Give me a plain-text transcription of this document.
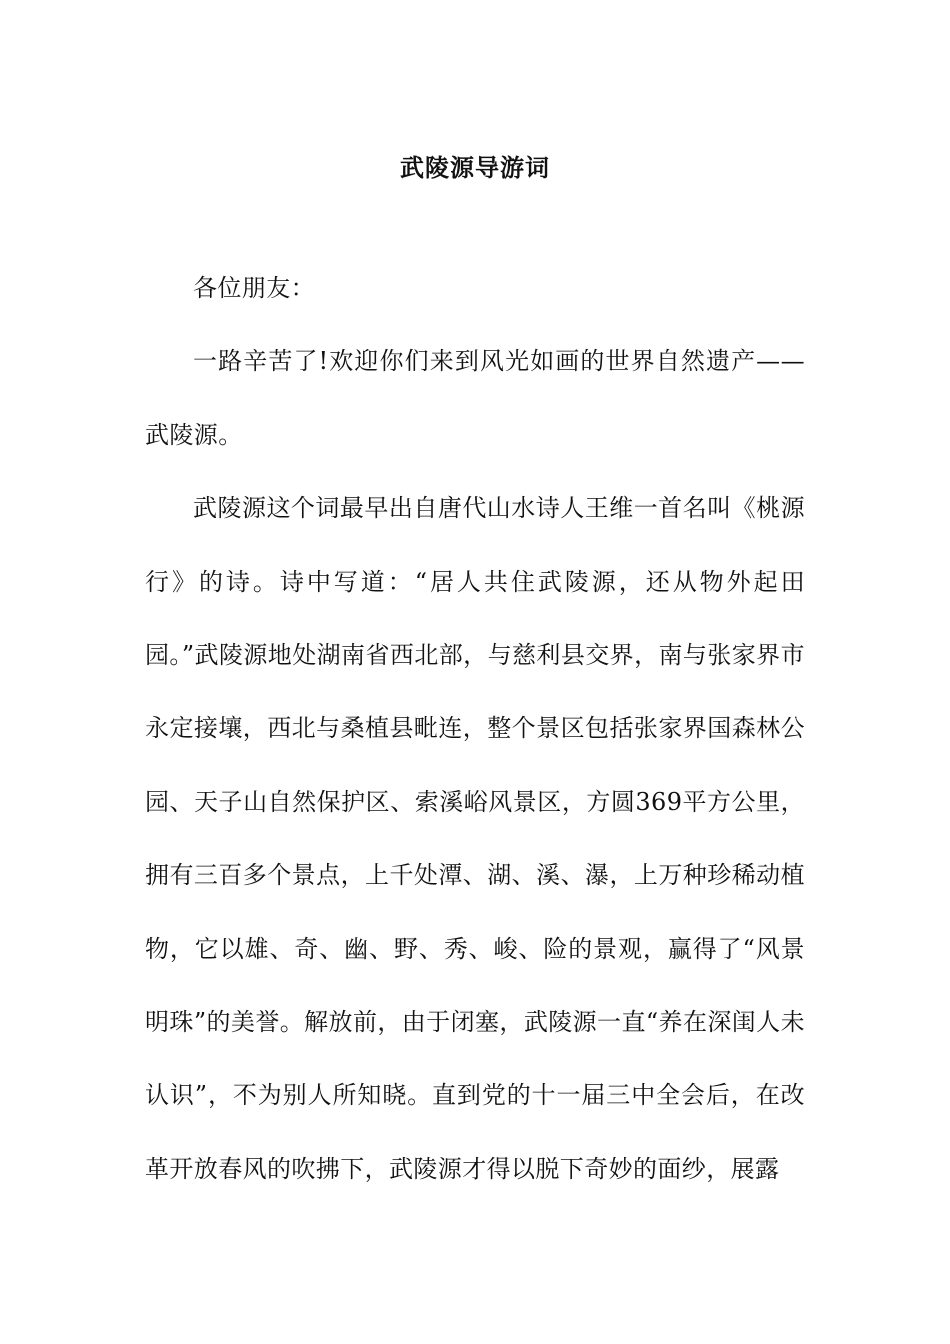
武陵源导游词

各位朋友：

一路辛苦了!欢迎你们来到风光如画的世界自然遗产——武陵源。

武陵源这个词最早出自唐代山水诗人王维一首名叫《桃源行》的诗。诗中写道：“居人共住武陵源，还从物外起田园。”武陵源地处湖南省西北部，与慈利县交界，南与张家界市永定接壤，西北与桑植县毗连，整个景区包括张家界国森林公园、天子山自然保护区、索溪峪风景区，方圆369平方公里，拥有三百多个景点，上千处潭、湖、溪、瀑，上万种珍稀动植物，它以雄、奇、幽、野、秀、峻、险的景观，赢得了“风景明珠”的美誉。解放前，由于闭塞，武陵源一直“养在深闺人未认识”，不为别人所知晓。直到党的十一届三中全会后，在改革开放春风的吹拂下，武陵源才得以脱下奇妙的面纱，展露
